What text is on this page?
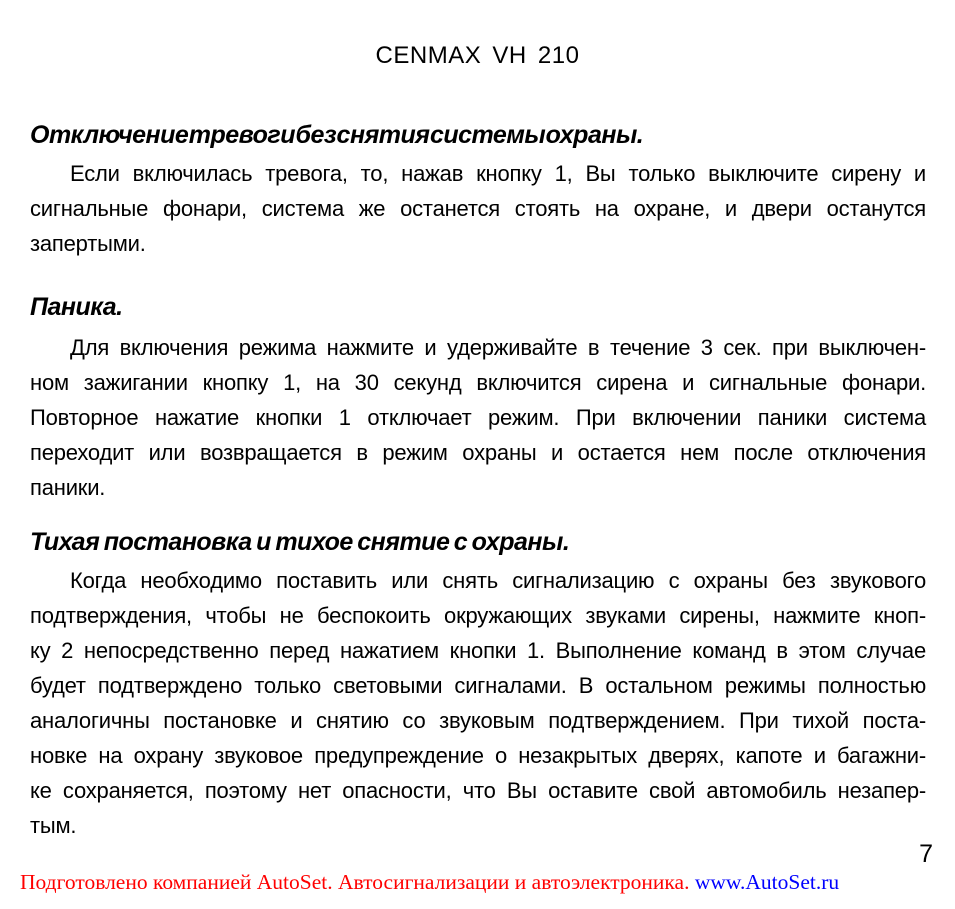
CENMAX VH 210
Отключение тревоги без снятия системы охраны.
Если включилась тревога, то, нажав кнопку 1, Вы только выключите сирену и
сигнальные фонари, система же останется стоять на охране, и двери останутся
запертыми.
Паника.
Для включения режима нажмите и удерживайте в течение 3 сек. при выключен-
ном зажигании кнопку 1, на 30 секунд включится сирена и сигнальные фонари.
Повторное нажатие кнопки 1 отключает режим. При включении паники система
переходит или возвращается в режим охраны и остается нем после отключения
паники.
Тихая постановка и тихое снятие с охраны.
Когда необходимо поставить или снять сигнализацию с охраны без звукового
подтверждения, чтобы не беспокоить окружающих звуками сирены, нажмите кноп-
ку 2 непосредственно перед нажатием кнопки 1. Выполнение команд в этом случае
будет подтверждено только световыми сигналами. В остальном режимы полностью
аналогичны постановке и снятию со звуковым подтверждением. При тихой поста-
новке на охрану звуковое предупреждение о незакрытых дверях, капоте и багажни-
ке сохраняется, поэтому нет опасности, что Вы оставите свой автомобиль незапер-
тым.
7
Подготовлено компанией AutoSet. Автосигнализации и автоэлектроника. www.AutoSet.ru
